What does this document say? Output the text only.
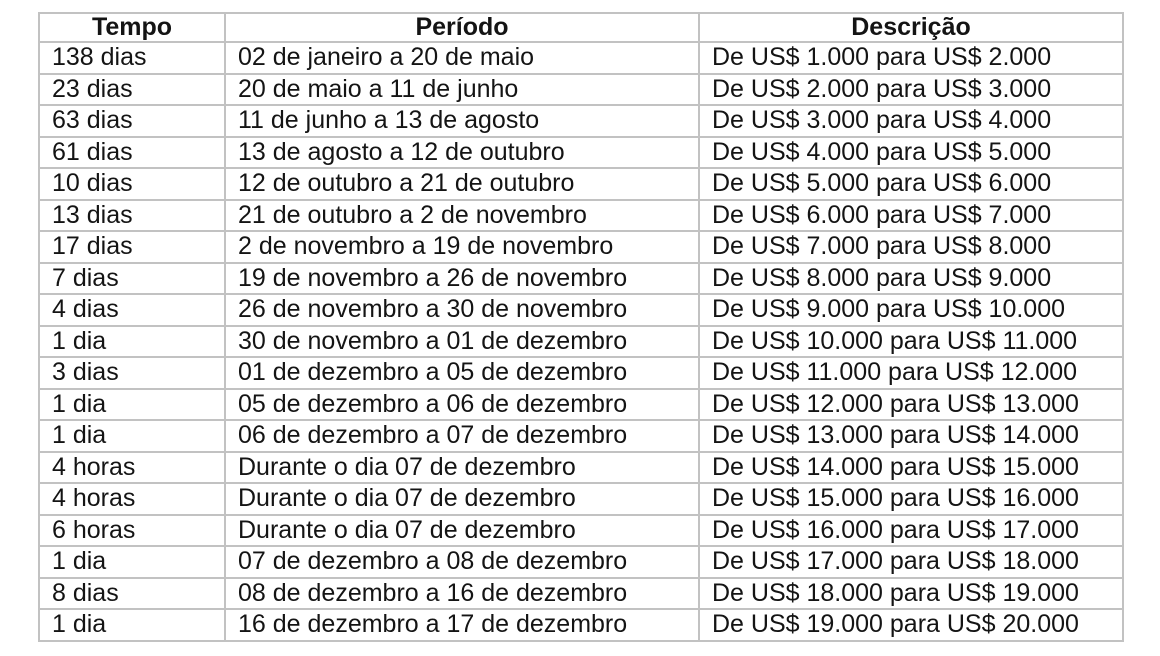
Tempo	Período	Descrição
138 dias	02 de janeiro a 20 de maio	De US$ 1.000 para US$ 2.000
23 dias	20 de maio a 11 de junho	De US$ 2.000 para US$ 3.000
63 dias	11 de junho a 13 de agosto	De US$ 3.000 para US$ 4.000
61 dias	13 de agosto a 12 de outubro	De US$ 4.000 para US$ 5.000
10 dias	12 de outubro a 21 de outubro	De US$ 5.000 para US$ 6.000
13 dias	21 de outubro a 2 de novembro	De US$ 6.000 para US$ 7.000
17 dias	2 de novembro a 19 de novembro	De US$ 7.000 para US$ 8.000
7 dias	19 de novembro a 26 de novembro	De US$ 8.000 para US$ 9.000
4 dias	26 de novembro a 30 de novembro	De US$ 9.000 para US$ 10.000
1 dia	30 de novembro a 01 de dezembro	De US$ 10.000 para US$ 11.000
3 dias	01 de dezembro a 05 de dezembro	De US$ 11.000 para US$ 12.000
1 dia	05 de dezembro a 06 de dezembro	De US$ 12.000 para US$ 13.000
1 dia	06 de dezembro a 07 de dezembro	De US$ 13.000 para US$ 14.000
4 horas	Durante o dia 07 de dezembro	De US$ 14.000 para US$ 15.000
4 horas	Durante o dia 07 de dezembro	De US$ 15.000 para US$ 16.000
6 horas	Durante o dia 07 de dezembro	De US$ 16.000 para US$ 17.000
1 dia	07 de dezembro a 08 de dezembro	De US$ 17.000 para US$ 18.000
8 dias	08 de dezembro a 16 de dezembro	De US$ 18.000 para US$ 19.000
1 dia	16 de dezembro a 17 de dezembro	De US$ 19.000 para US$ 20.000
